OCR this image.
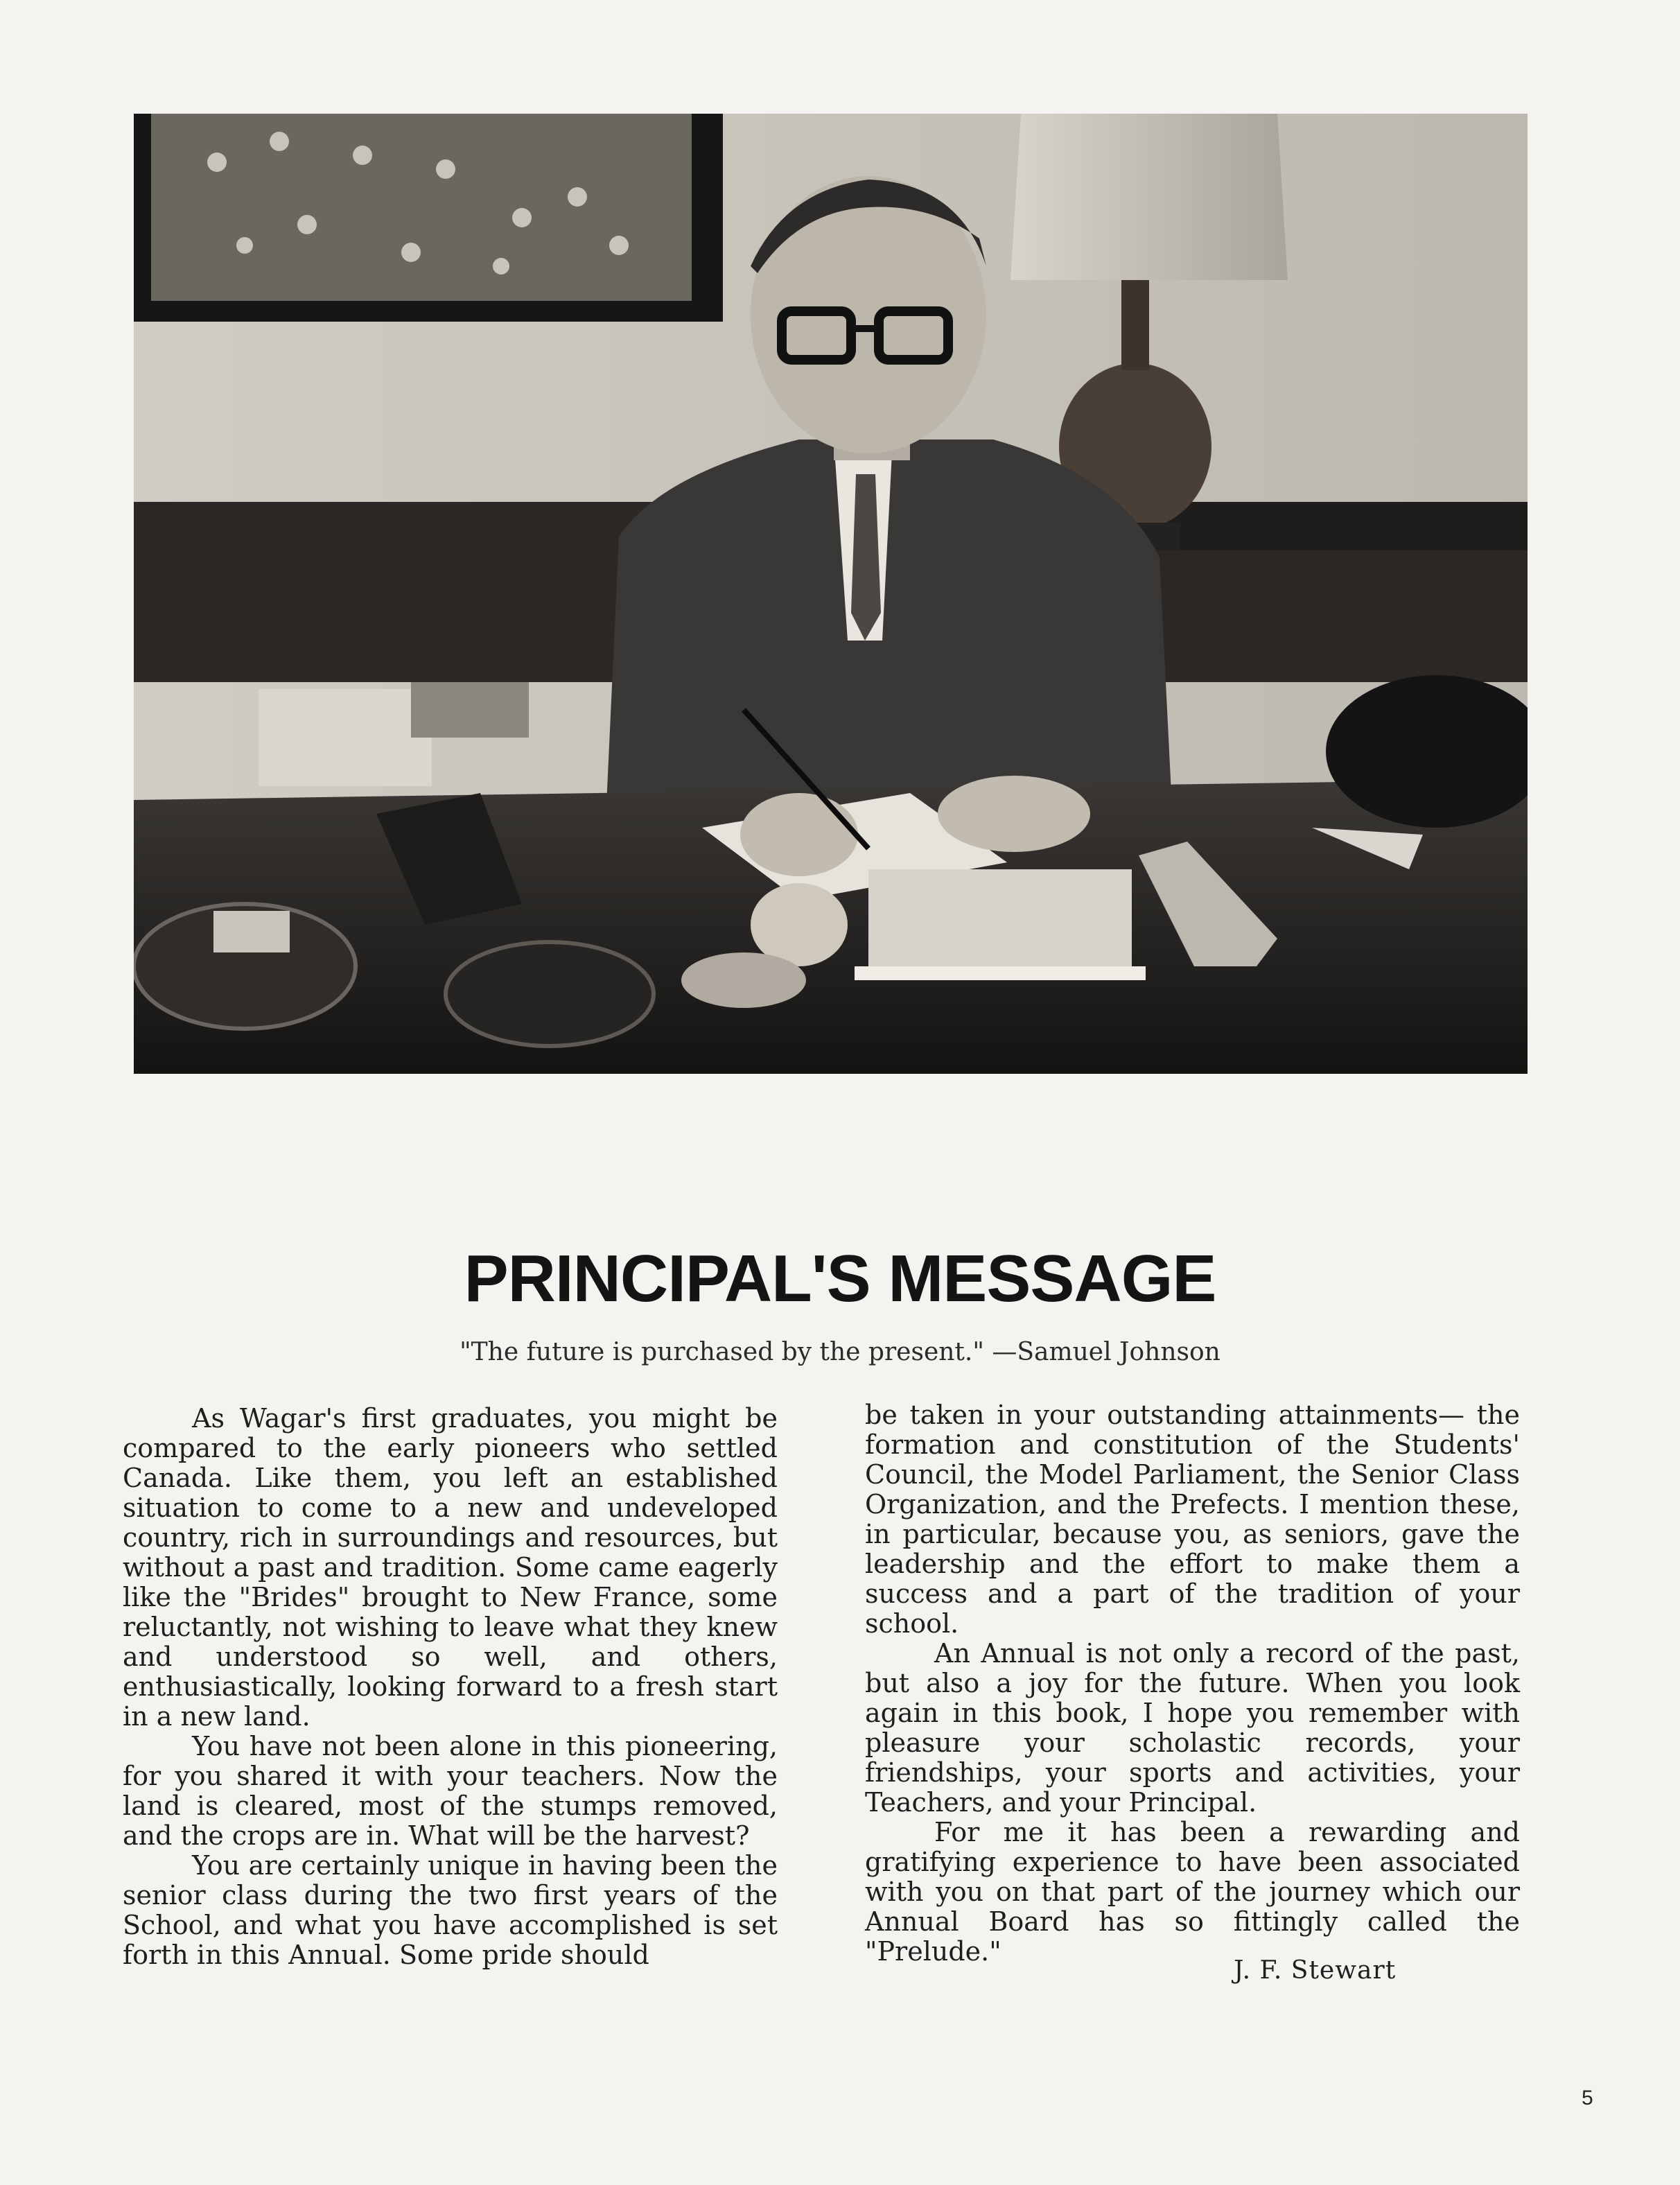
PRINCIPAL'S MESSAGE
"The future is purchased by the present." —Samuel Johnson

As Wagar's first graduates, you might be compared to the early pioneers who settled Canada. Like them, you left an established situation to come to a new and undeveloped country, rich in surroundings and resources, but without a past and tradition. Some came eagerly like the "Brides" brought to New France, some reluctantly, not wishing to leave what they knew and understood so well, and others, enthusiastically, looking forward to a fresh start in a new land.

You have not been alone in this pioneering, for you shared it with your teachers. Now the land is cleared, most of the stumps removed, and the crops are in. What will be the harvest?

You are certainly unique in having been the senior class during the two first years of the School, and what you have accomplished is set forth in this Annual. Some pride should

be taken in your outstanding attainments— the formation and constitution of the Students' Council, the Model Parliament, the Senior Class Organization, and the Prefects. I mention these, in particular, because you, as seniors, gave the leadership and the effort to make them a success and a part of the tradition of your school.

An Annual is not only a record of the past, but also a joy for the future. When you look again in this book, I hope you remember with pleasure your scholastic records, your friendships, your sports and activities, your Teachers, and your Principal.

For me it has been a rewarding and gratifying experience to have been associated with you on that part of the journey which our Annual Board has so fittingly called the "Prelude."

J. F. Stewart
5
